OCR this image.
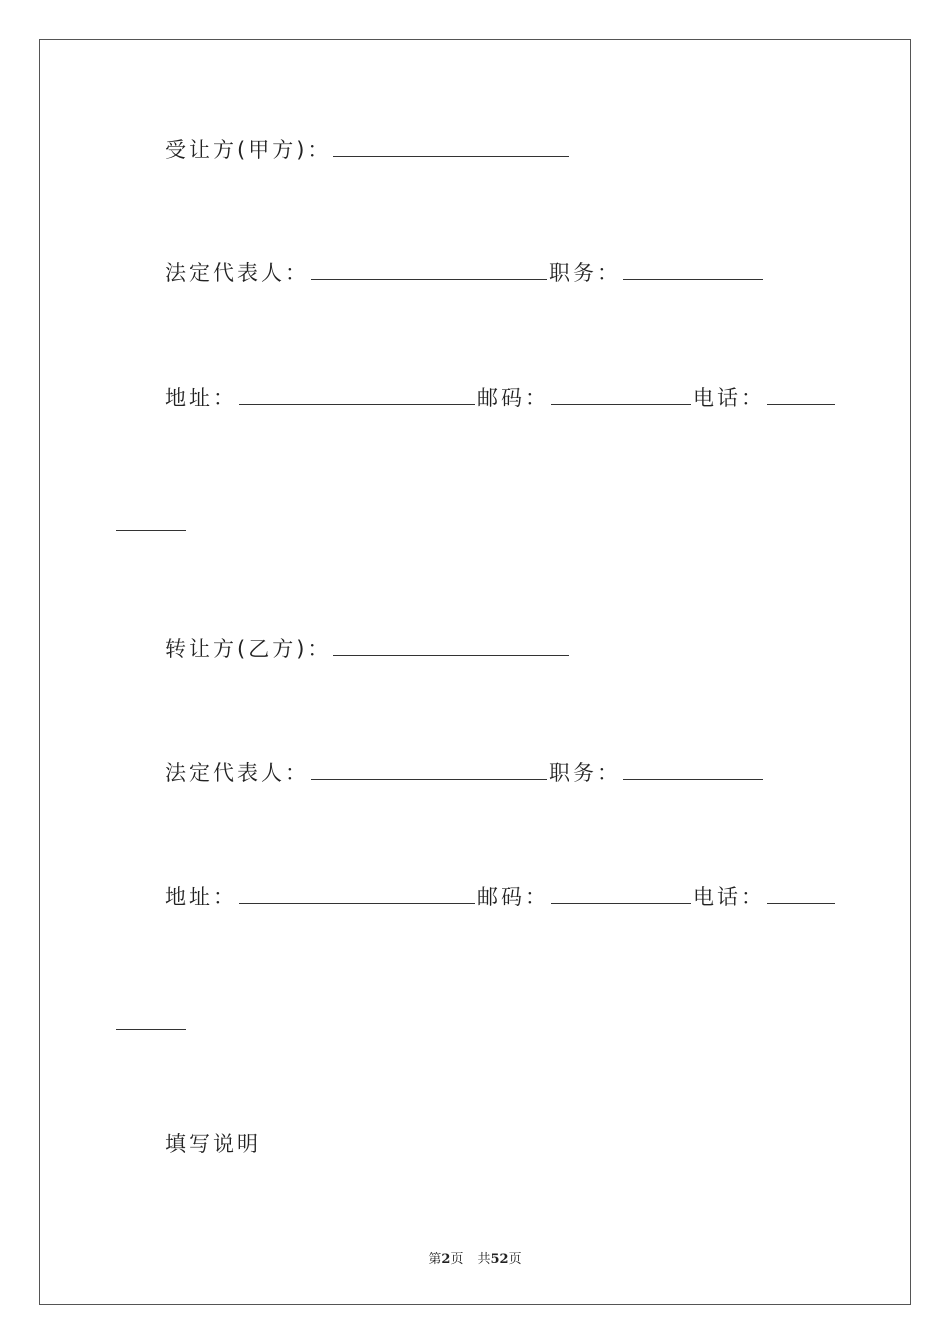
受让方(甲方)：
法定代表人：	职务：
地址：	邮码：	电话：
转让方(乙方)：
法定代表人：	职务：
地址：	邮码：	电话：
填写说明
第2页 共52页
